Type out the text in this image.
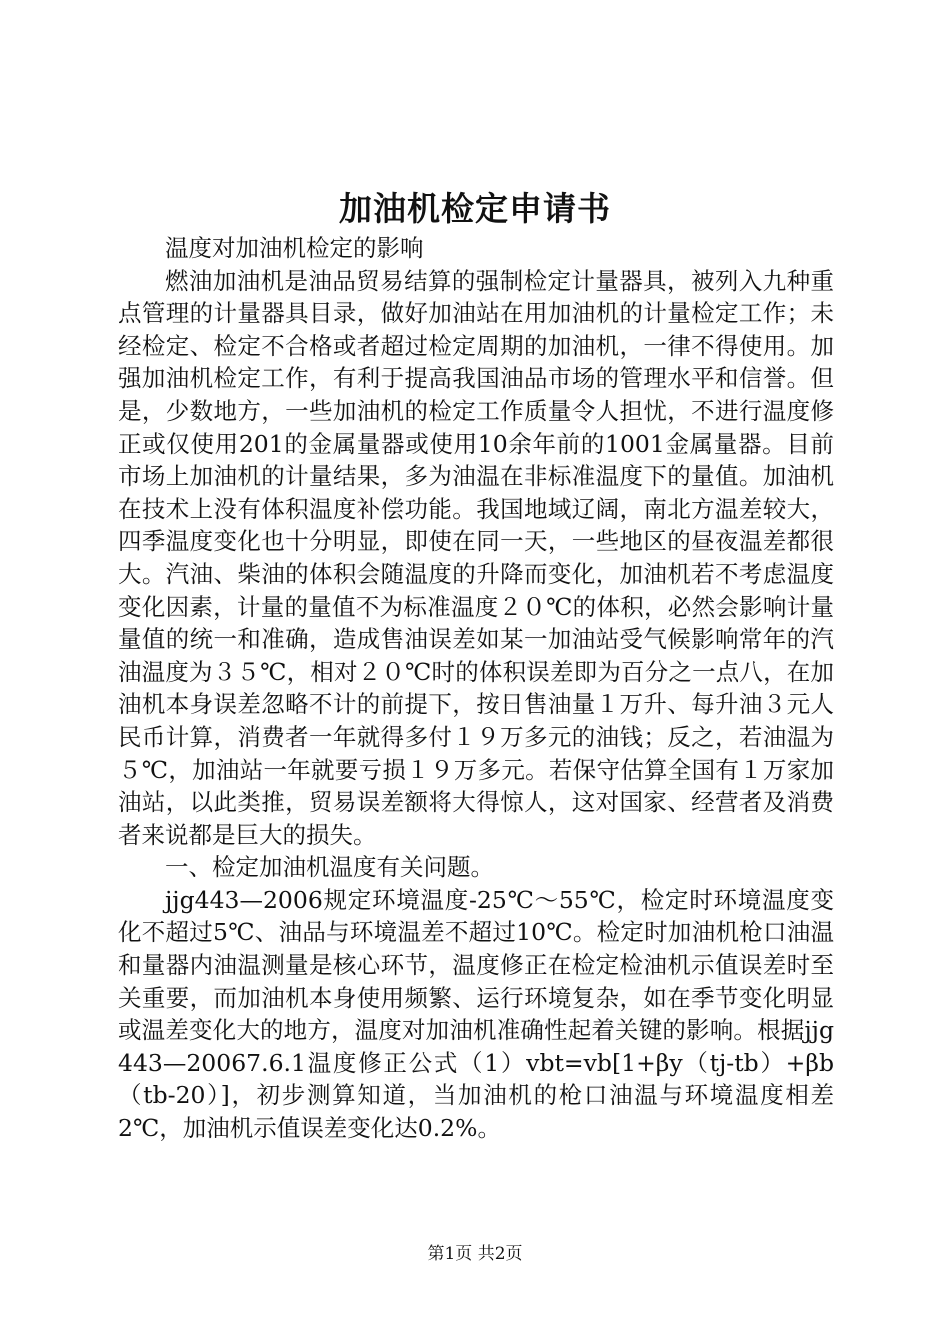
加油机检定申请书

温度对加油机检定的影响

燃油加油机是油品贸易结算的强制检定计量器具，被列入九种重点管理的计量器具目录，做好加油站在用加油机的计量检定工作；未经检定、检定不合格或者超过检定周期的加油机，一律不得使用。加强加油机检定工作，有利于提高我国油品市场的管理水平和信誉。但是，少数地方，一些加油机的检定工作质量令人担忧，不进行温度修正或仅使用201的金属量器或使用10余年前的1001金属量器。目前市场上加油机的计量结果，多为油温在非标准温度下的量值。加油机在技术上没有体积温度补偿功能。我国地域辽阔，南北方温差较大，四季温度变化也十分明显，即使在同一天，一些地区的昼夜温差都很大。汽油、柴油的体积会随温度的升降而变化，加油机若不考虑温度变化因素，计量的量值不为标准温度２０℃的体积，必然会影响计量量值的统一和准确，造成售油误差如某一加油站受气候影响常年的汽油温度为３５℃，相对２０℃时的体积误差即为百分之一点八，在加油机本身误差忽略不计的前提下，按日售油量１万升、每升油３元人民币计算，消费者一年就得多付１９万多元的油钱；反之，若油温为５℃，加油站一年就要亏损１９万多元。若保守估算全国有１万家加油站，以此类推，贸易误差额将大得惊人，这对国家、经营者及消费者来说都是巨大的损失。

一、检定加油机温度有关问题。

jjg443—2006规定环境温度-25℃～55℃，检定时环境温度变化不超过5℃、油品与环境温差不超过10℃。检定时加油机枪口油温和量器内油温测量是核心环节，温度修正在检定检油机示值误差时至关重要，而加油机本身使用频繁、运行环境复杂，如在季节变化明显或温差变化大的地方，温度对加油机准确性起着关键的影响。根据jjg443—20067.6.1温度修正公式（1）vbt=vb[1+βy（tj-tb）+βb（tb-20）]，初步测算知道，当加油机的枪口油温与环境温度相差2℃，加油机示值误差变化达0.2%。

第1页 共2页
